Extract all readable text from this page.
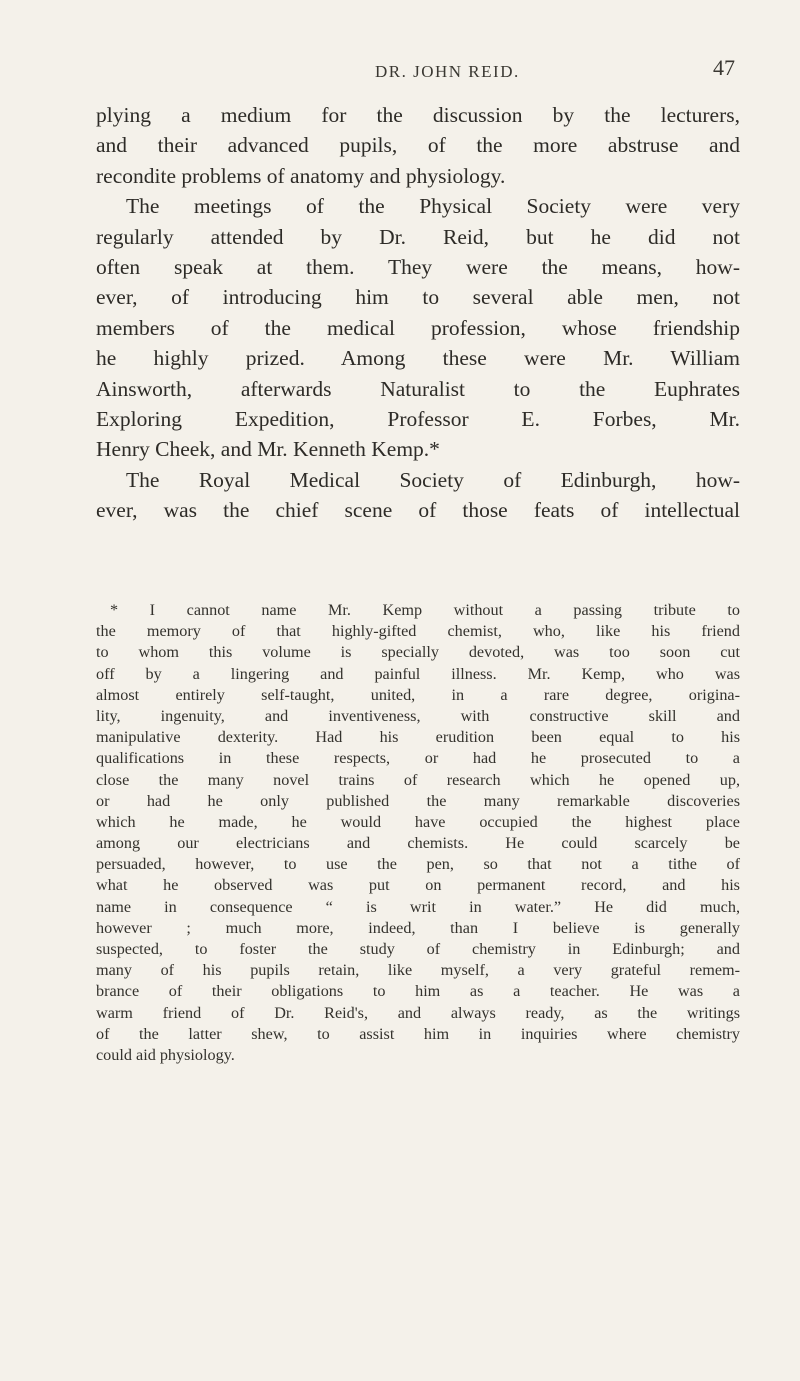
DR. JOHN REID.	47
plying a medium for the discussion by the lecturers,
and their advanced pupils, of the more abstruse and
recondite problems of anatomy and physiology.
The meetings of the Physical Society were very
regularly attended by Dr. Reid, but he did not
often speak at them. They were the means, how-
ever, of introducing him to several able men, not
members of the medical profession, whose friendship
he highly prized. Among these were Mr. William
Ainsworth, afterwards Naturalist to the Euphrates
Exploring Expedition, Professor E. Forbes, Mr.
Henry Cheek, and Mr. Kenneth Kemp.*
The Royal Medical Society of Edinburgh, how-
ever, was the chief scene of those feats of intellectual
* I cannot name Mr. Kemp without a passing tribute to
the memory of that highly-gifted chemist, who, like his friend
to whom this volume is specially devoted, was too soon cut
off by a lingering and painful illness. Mr. Kemp, who was
almost entirely self-taught, united, in a rare degree, origina-
lity, ingenuity, and inventiveness, with constructive skill and
manipulative dexterity. Had his erudition been equal to his
qualifications in these respects, or had he prosecuted to a
close the many novel trains of research which he opened up,
or had he only published the many remarkable discoveries
which he made, he would have occupied the highest place
among our electricians and chemists. He could scarcely be
persuaded, however, to use the pen, so that not a tithe of
what he observed was put on permanent record, and his
name in consequence “ is writ in water.” He did much,
however ; much more, indeed, than I believe is generally
suspected, to foster the study of chemistry in Edinburgh; and
many of his pupils retain, like myself, a very grateful remem-
brance of their obligations to him as a teacher. He was a
warm friend of Dr. Reid's, and always ready, as the writings
of the latter shew, to assist him in inquiries where chemistry
could aid physiology.
